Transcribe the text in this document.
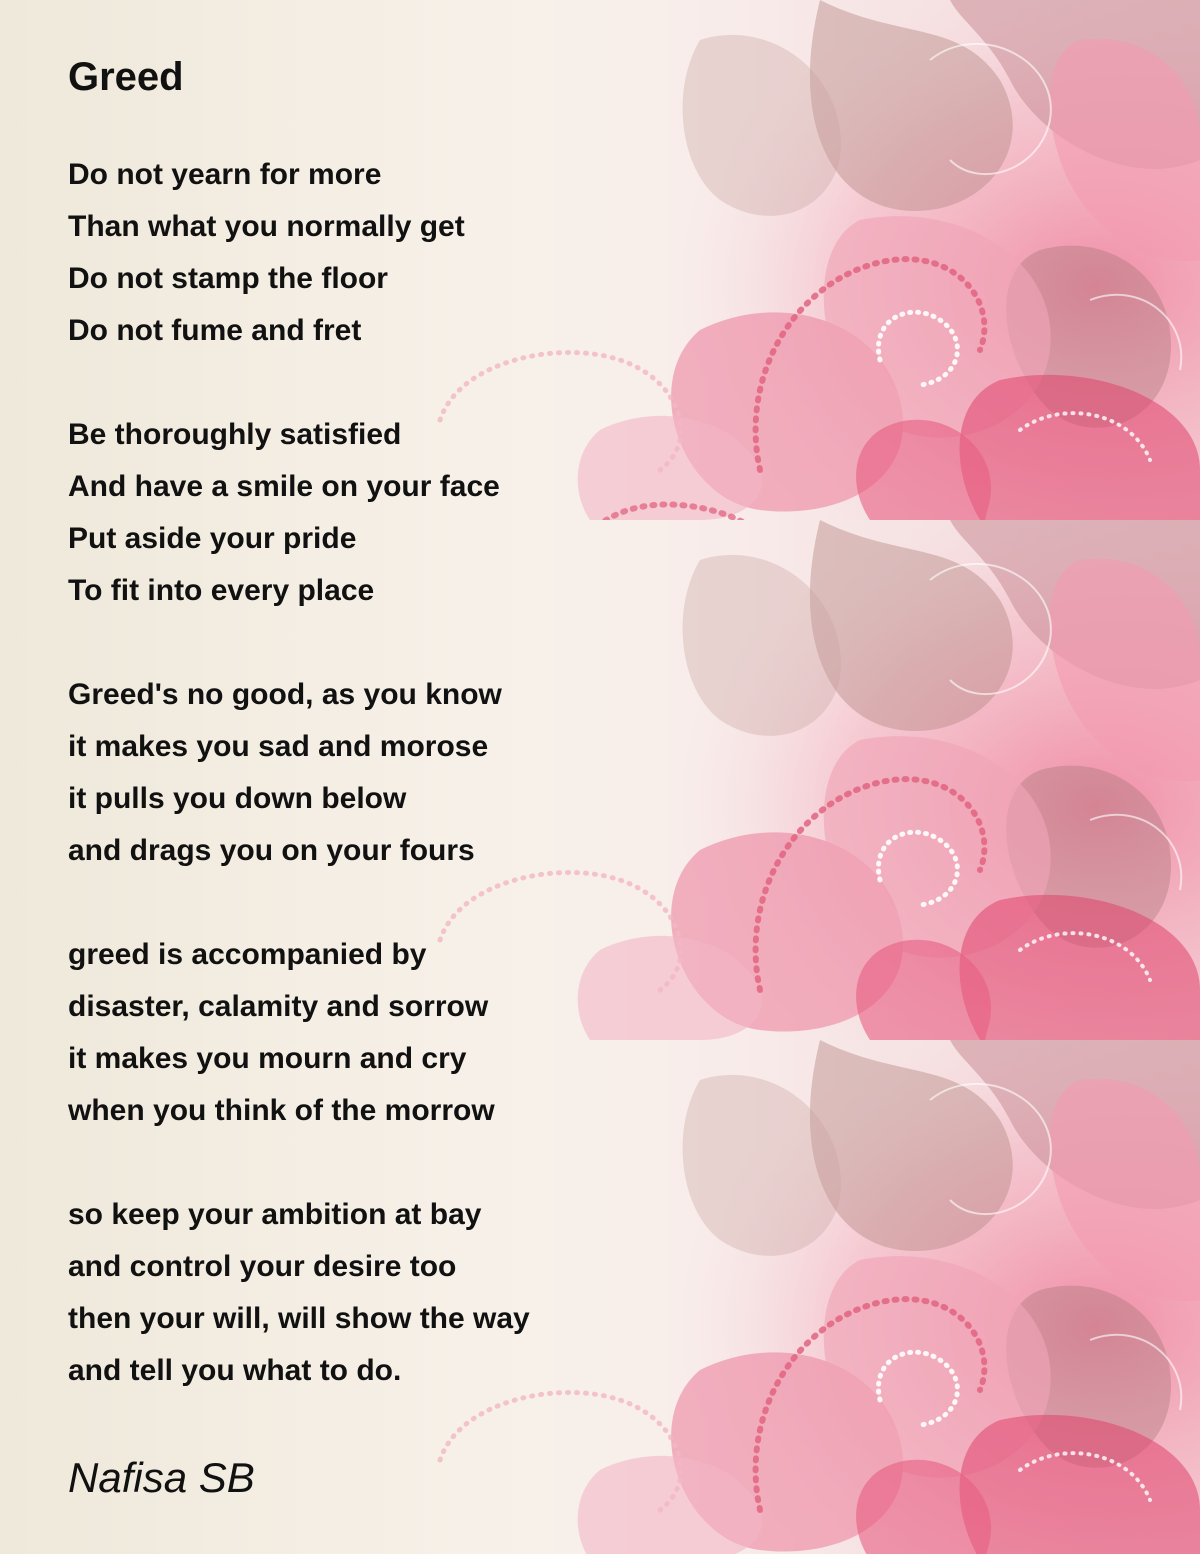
Greed
Do not yearn for more
Than what you normally get
Do not stamp the floor
Do not fume and fret
Be thoroughly satisfied
And have a smile on your face
Put aside your pride
To fit into every place
Greed's no good, as you know
it makes you sad and morose
it pulls you down below
and drags you on your fours
greed is accompanied by
disaster, calamity and sorrow
it makes you mourn and cry
when you think of the morrow
so keep your ambition at bay
and control your desire too
then your will, will show the way
and tell you what to do.

Nafisa SB
